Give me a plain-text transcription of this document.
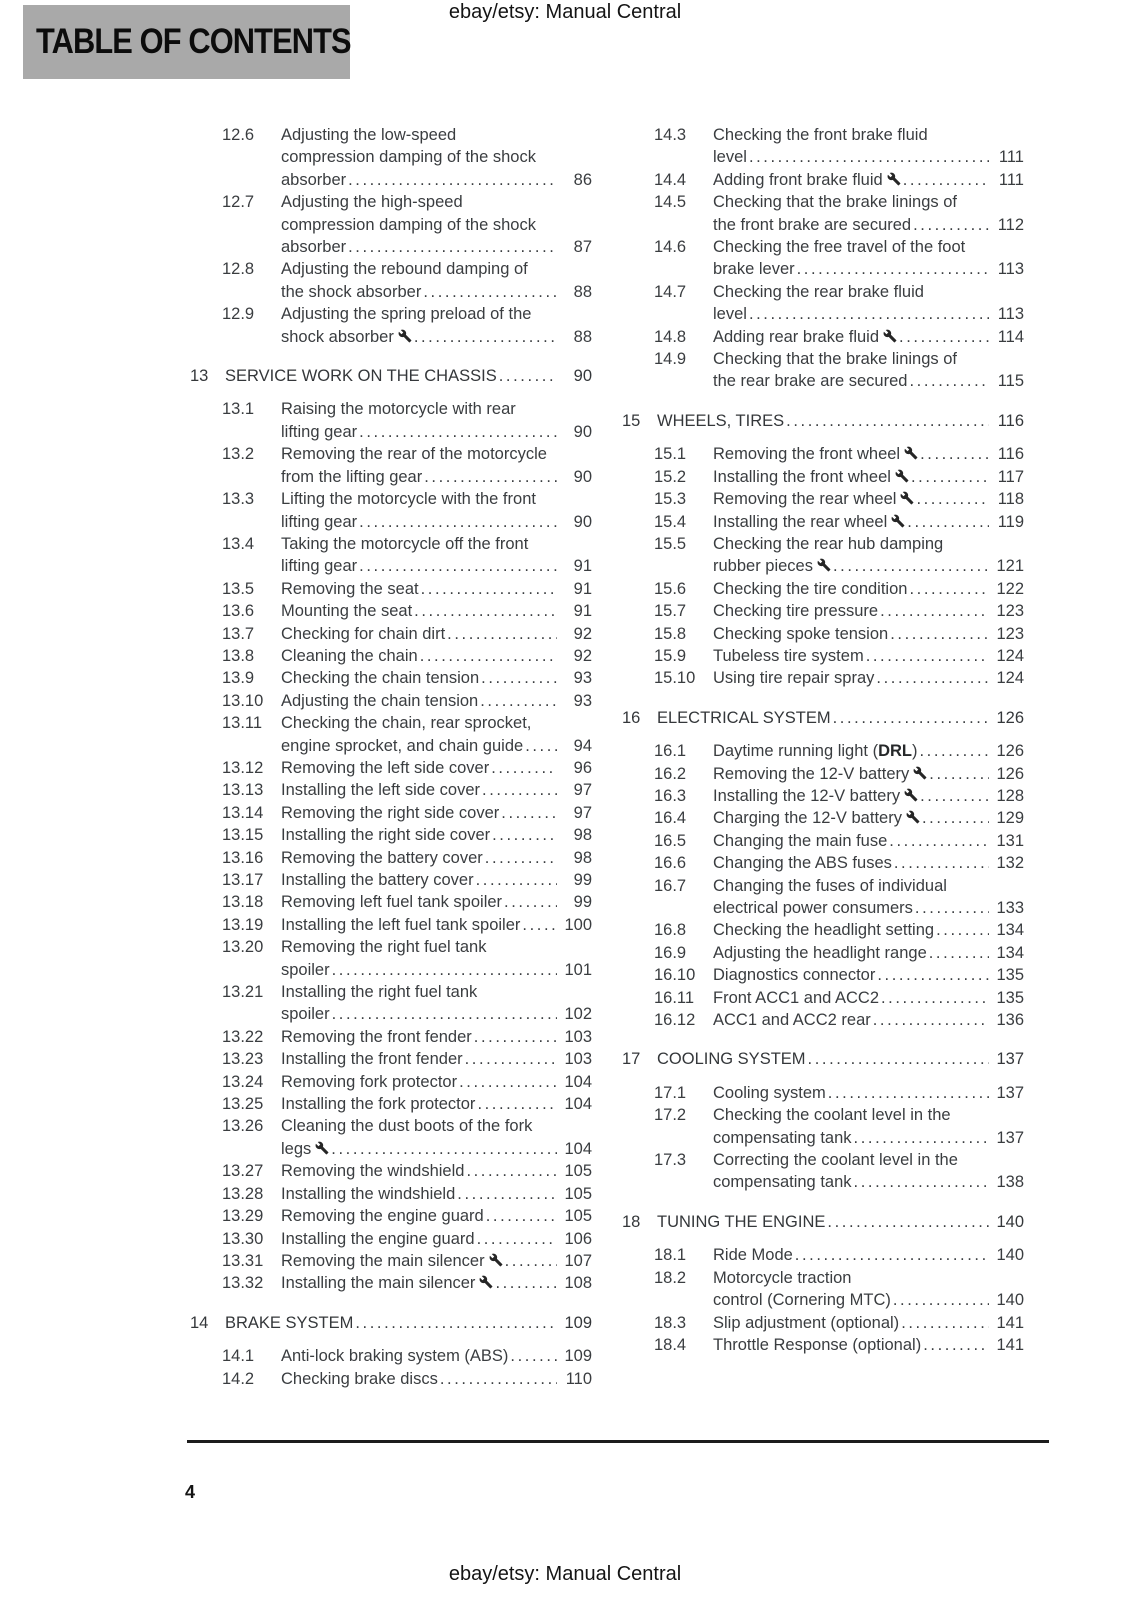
ebay/etsy: Manual Central
TABLE OF CONTENTS
12.6	Adjusting the low-speed
compression damping of the shock
absorber .....	86
12.7	Adjusting the high-speed
compression damping of the shock
absorber .....	87
12.8	Adjusting the rebound damping of
the shock absorber .....	88
12.9	Adjusting the spring preload of the
shock absorber .....	88
13	SERVICE WORK ON THE CHASSIS .....	90
13.1	Raising the motorcycle with rear
lifting gear .....	90
13.2	Removing the rear of the motorcycle
from the lifting gear .....	90
13.3	Lifting the motorcycle with the front
lifting gear .....	90
13.4	Taking the motorcycle off the front
lifting gear .....	91
13.5	Removing the seat .....	91
13.6	Mounting the seat .....	91
13.7	Checking for chain dirt .....	92
13.8	Cleaning the chain .....	92
13.9	Checking the chain tension .....	93
13.10	Adjusting the chain tension .....	93
13.11	Checking the chain, rear sprocket,
engine sprocket, and chain guide .....	94
13.12	Removing the left side cover .....	96
13.13	Installing the left side cover .....	97
13.14	Removing the right side cover .....	97
13.15	Installing the right side cover .....	98
13.16	Removing the battery cover .....	98
13.17	Installing the battery cover .....	99
13.18	Removing left fuel tank spoiler .....	99
13.19	Installing the left fuel tank spoiler .....	100
13.20	Removing the right fuel tank
spoiler .....	101
13.21	Installing the right fuel tank
spoiler .....	102
13.22	Removing the front fender .....	103
13.23	Installing the front fender .....	103
13.24	Removing fork protector .....	104
13.25	Installing the fork protector .....	104
13.26	Cleaning the dust boots of the fork
legs .....	104
13.27	Removing the windshield .....	105
13.28	Installing the windshield .....	105
13.29	Removing the engine guard .....	105
13.30	Installing the engine guard .....	106
13.31	Removing the main silencer .....	107
13.32	Installing the main silencer .....	108
14	BRAKE SYSTEM .....	109
14.1	Anti-lock braking system (ABS) .....	109
14.2	Checking brake discs .....	110
14.3	Checking the front brake fluid
level .....	111
14.4	Adding front brake fluid .....	111
14.5	Checking that the brake linings of
the front brake are secured .....	112
14.6	Checking the free travel of the foot
brake lever .....	113
14.7	Checking the rear brake fluid
level .....	113
14.8	Adding rear brake fluid .....	114
14.9	Checking that the brake linings of
the rear brake are secured .....	115
15	WHEELS, TIRES .....	116
15.1	Removing the front wheel .....	116
15.2	Installing the front wheel .....	117
15.3	Removing the rear wheel .....	118
15.4	Installing the rear wheel .....	119
15.5	Checking the rear hub damping
rubber pieces .....	121
15.6	Checking the tire condition .....	122
15.7	Checking tire pressure .....	123
15.8	Checking spoke tension .....	123
15.9	Tubeless tire system .....	124
15.10	Using tire repair spray .....	124
16	ELECTRICAL SYSTEM .....	126
16.1	Daytime running light (DRL) .....	126
16.2	Removing the 12-V battery .....	126
16.3	Installing the 12-V battery .....	128
16.4	Charging the 12-V battery .....	129
16.5	Changing the main fuse .....	131
16.6	Changing the ABS fuses .....	132
16.7	Changing the fuses of individual
electrical power consumers .....	133
16.8	Checking the headlight setting .....	134
16.9	Adjusting the headlight range .....	134
16.10	Diagnostics connector .....	135
16.11	Front ACC1 and ACC2 .....	135
16.12	ACC1 and ACC2 rear .....	136
17	COOLING SYSTEM .....	137
17.1	Cooling system .....	137
17.2	Checking the coolant level in the
compensating tank .....	137
17.3	Correcting the coolant level in the
compensating tank .....	138
18	TUNING THE ENGINE .....	140
18.1	Ride Mode .....	140
18.2	Motorcycle traction
control (Cornering MTC) .....	140
18.3	Slip adjustment (optional) .....	141
18.4	Throttle Response (optional) .....	141
4
ebay/etsy: Manual Central
